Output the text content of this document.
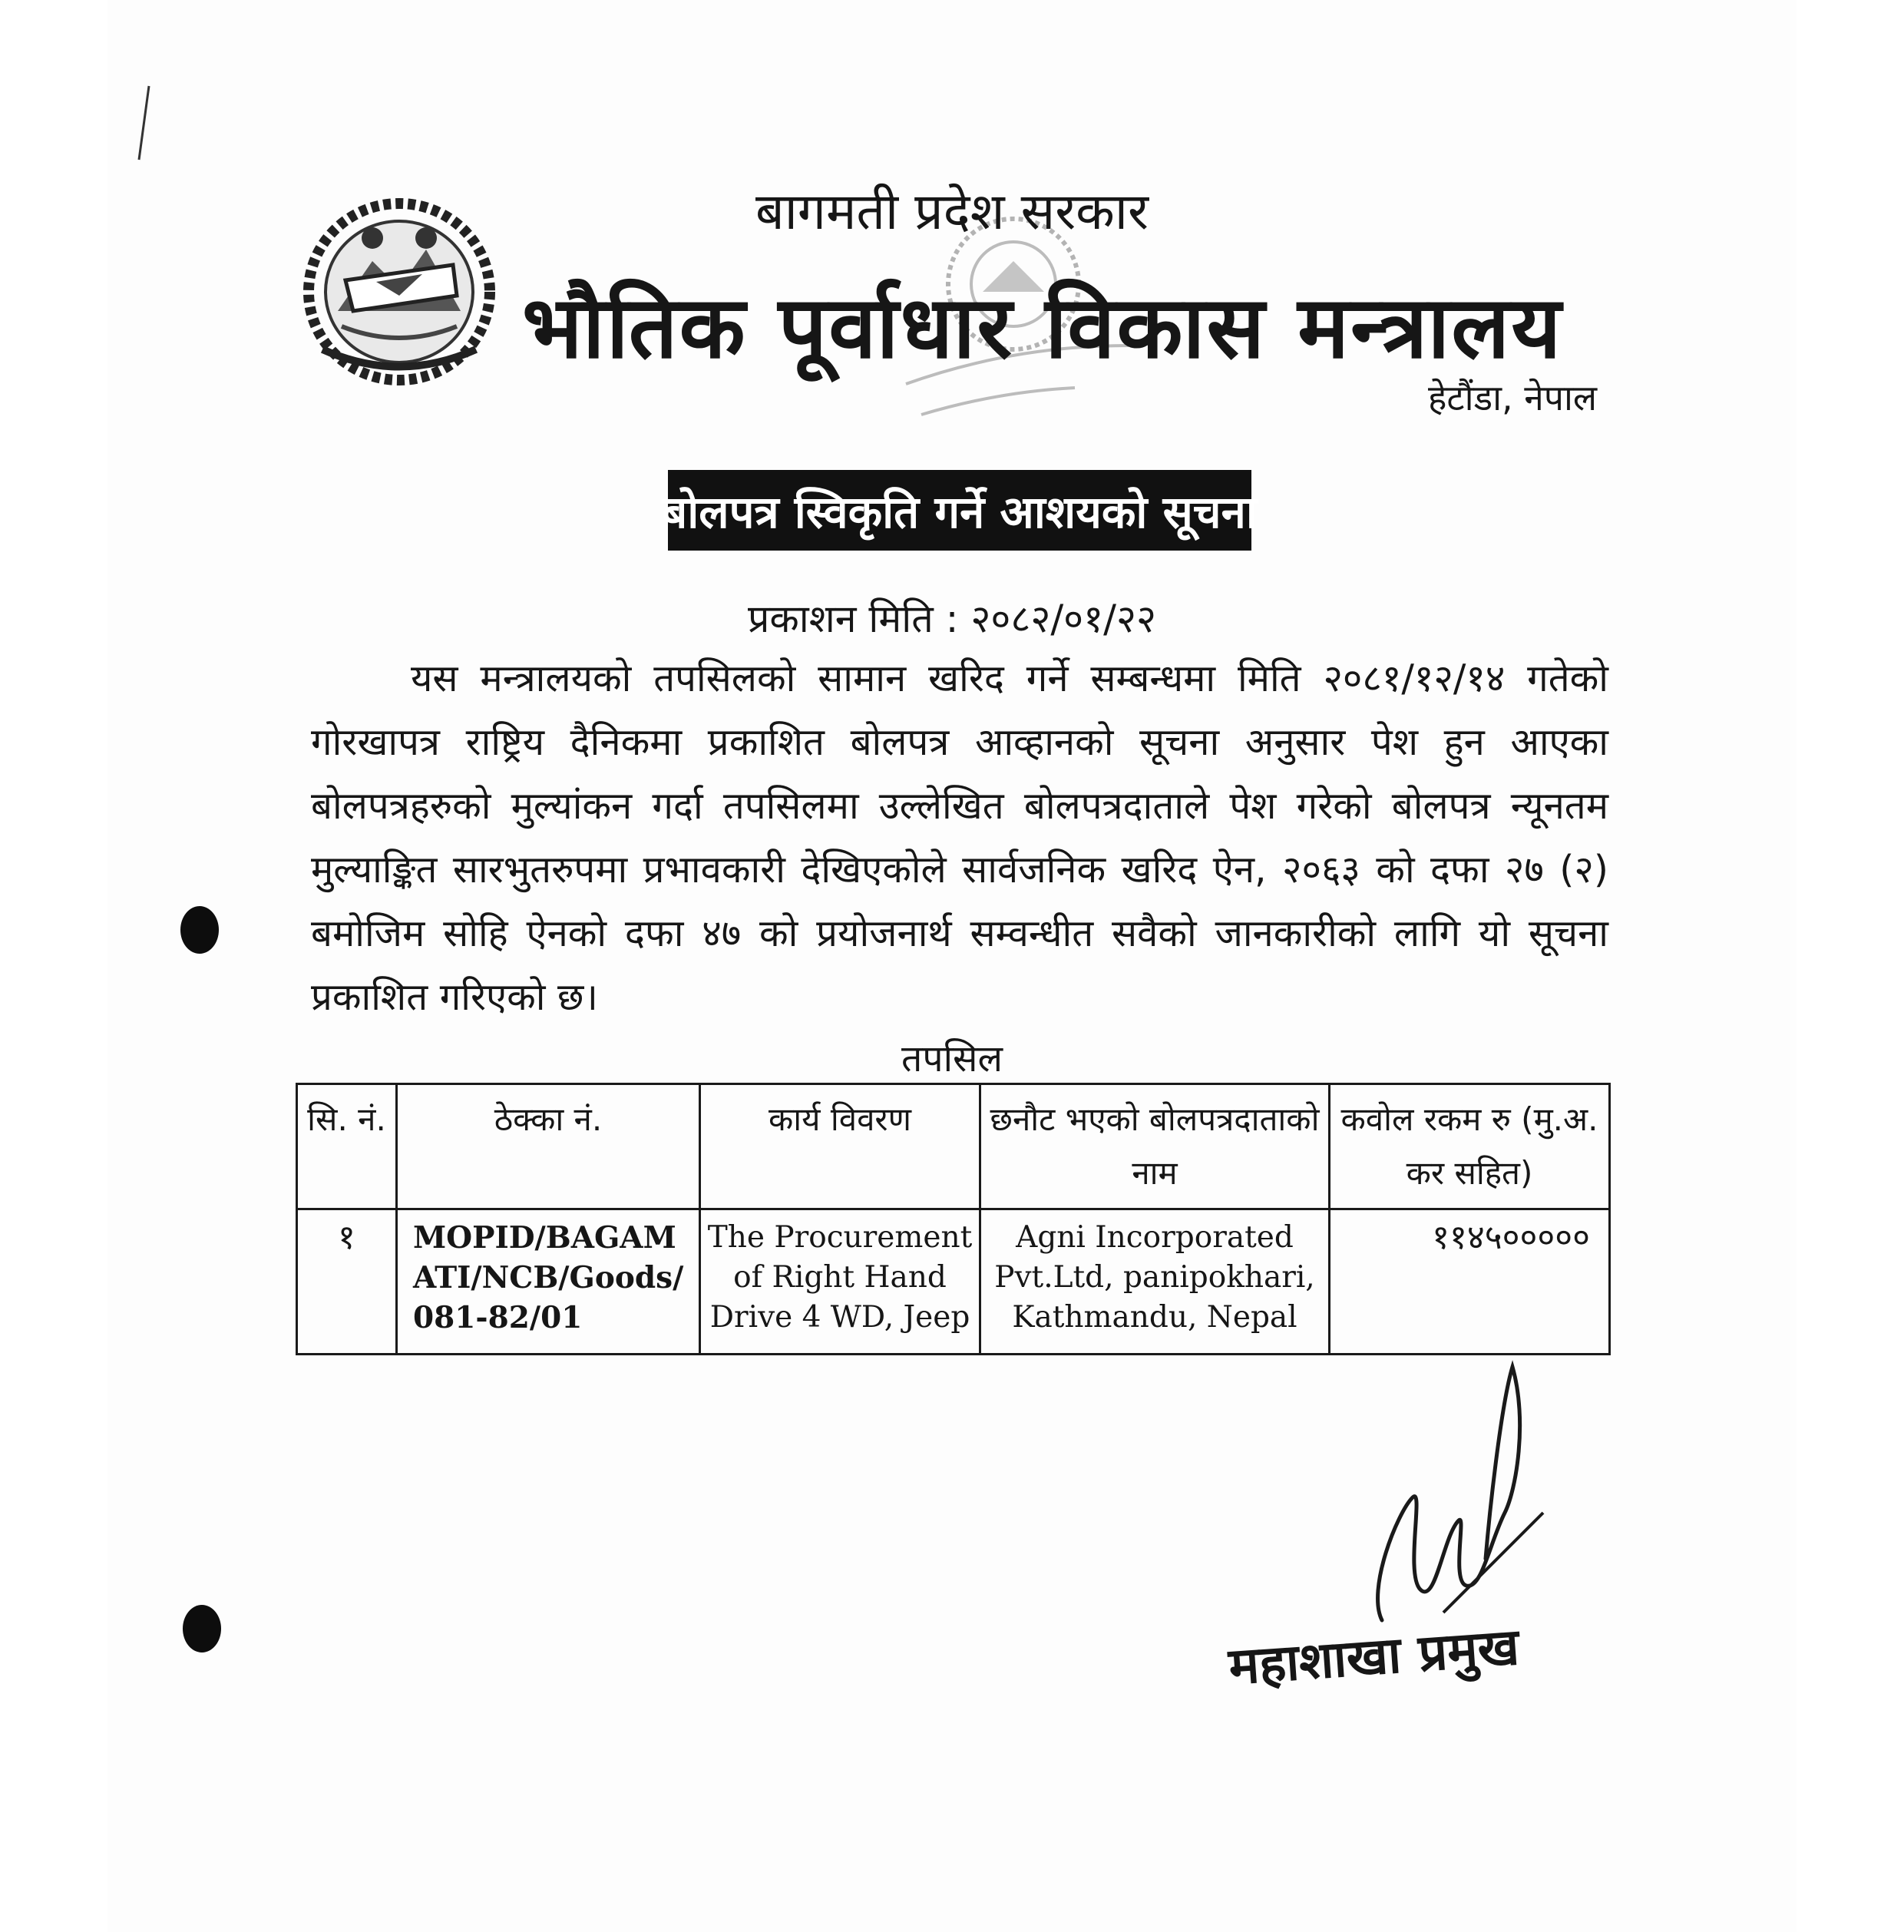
बागमती प्रदेश सरकार
भौतिक पूर्वाधार विकास मन्त्रालय
हेटौंडा, नेपाल
बोलपत्र स्विकृति गर्ने आशयको सूचना
प्रकाशन मिति : २०८२/०१/२२
यस मन्त्रालयको तपसिलको सामान खरिद गर्ने सम्बन्धमा मिति २०८१/१२/१४ गतेको गोरखापत्र राष्ट्रिय दैनिकमा प्रकाशित बोलपत्र आव्हानको सूचना अनुसार पेश हुन आएका बोलपत्रहरुको मुल्यांकन गर्दा तपसिलमा उल्लेखित बोलपत्रदाताले पेश गरेको बोलपत्र न्यूनतम मुल्याङ्कित सारभुतरुपमा प्रभावकारी देखिएकोले सार्वजनिक खरिद ऐन, २०६३ को दफा २७ (२) बमोजिम सोहि ऐनको दफा ४७ को प्रयोजनार्थ सम्वन्धीत सवैको जानकारीको लागि यो सूचना प्रकाशित गरिएको छ।
तपसिल
सि. नं.	ठेक्का नं.	कार्य विवरण	छनौट भएको बोलपत्रदाताको नाम	कवोल रकम रु (मु.अ. कर सहित)
१	MOPID/BAGAMATI/NCB/Goods/081-82/01	The Procurement of Right Hand Drive 4 WD, Jeep	Agni Incorporated Pvt.Ltd, panipokhari, Kathmandu, Nepal	११४५०००००
महाशाखा प्रमुख
